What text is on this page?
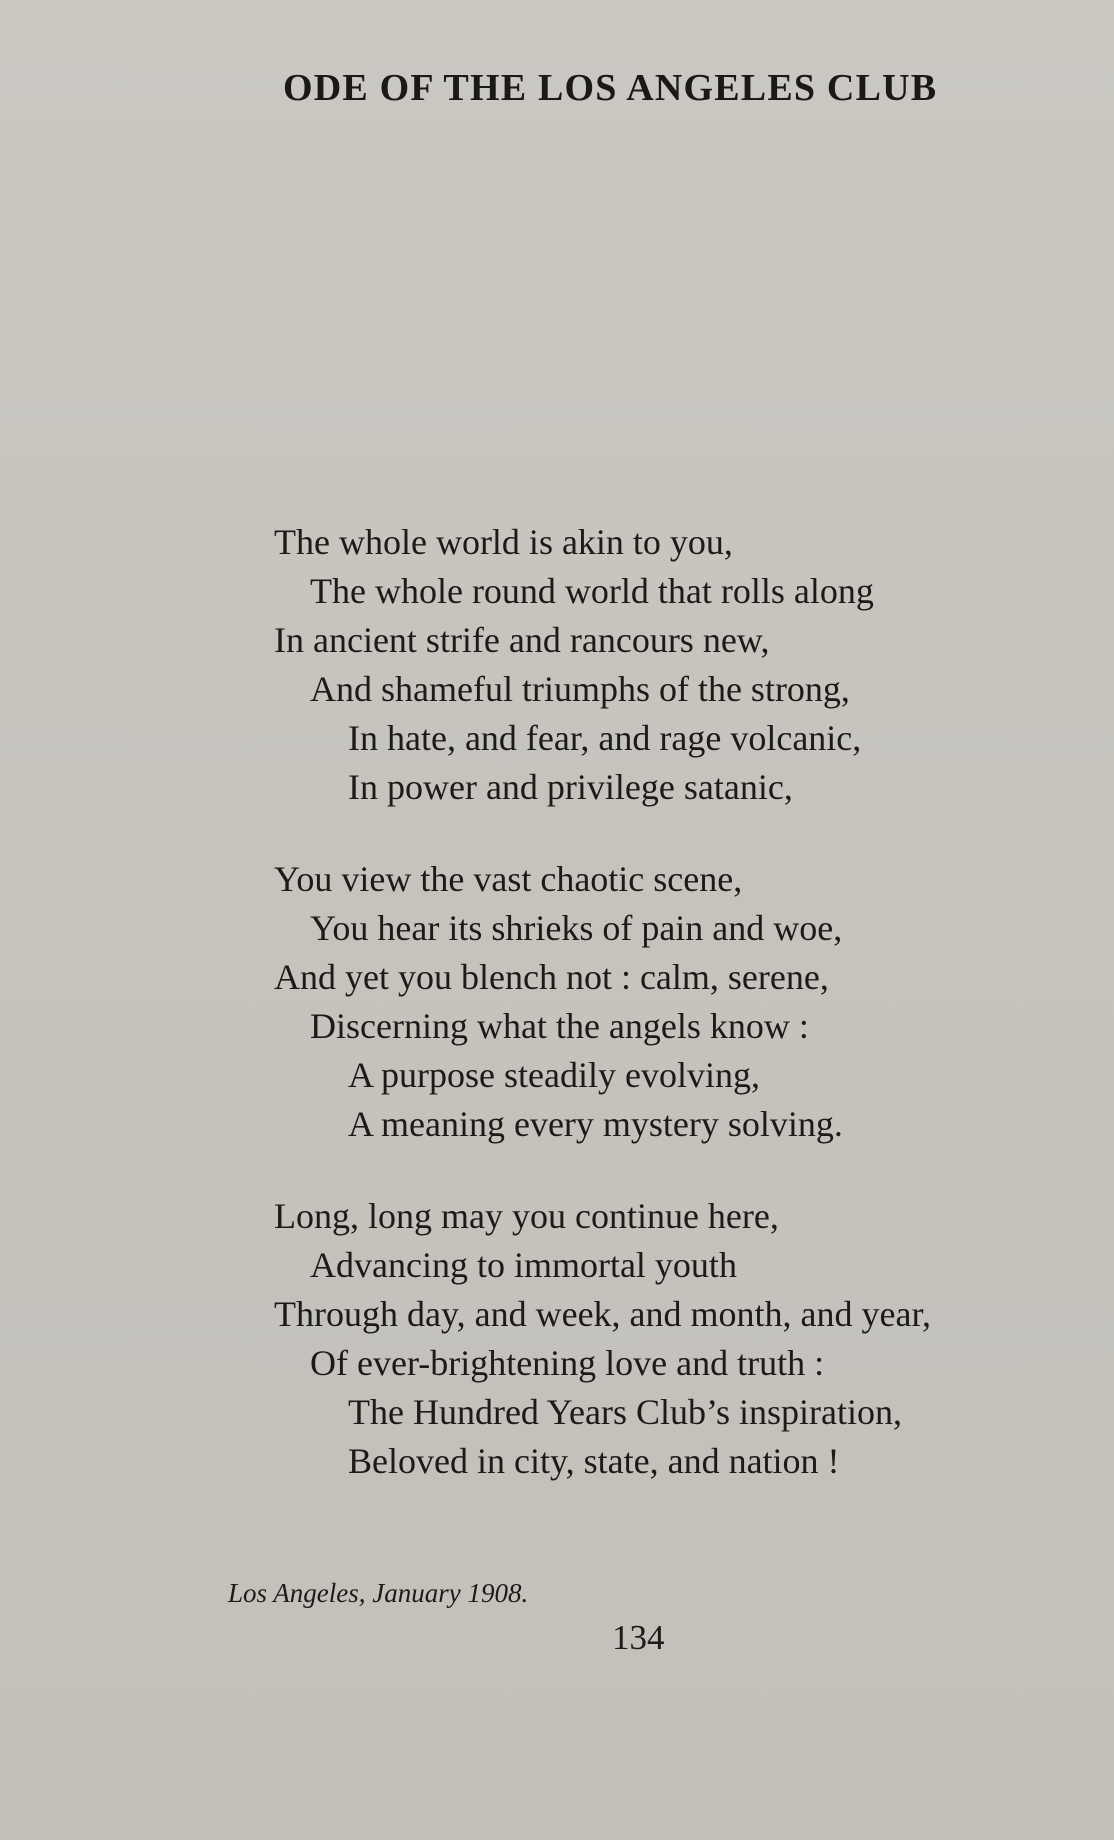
ODE OF THE LOS ANGELES CLUB
The whole world is akin to you,
The whole round world that rolls along
In ancient strife and rancours new,
And shameful triumphs of the strong,
In hate, and fear, and rage volcanic,
In power and privilege satanic,
You view the vast chaotic scene,
You hear its shrieks of pain and woe,
And yet you blench not : calm, serene,
Discerning what the angels know :
A purpose steadily evolving,
A meaning every mystery solving.
Long, long may you continue here,
Advancing to immortal youth
Through day, and week, and month, and year,
Of ever-brightening love and truth :
The Hundred Years Club’s inspiration,
Beloved in city, state, and nation !
Los Angeles, January 1908.
134
